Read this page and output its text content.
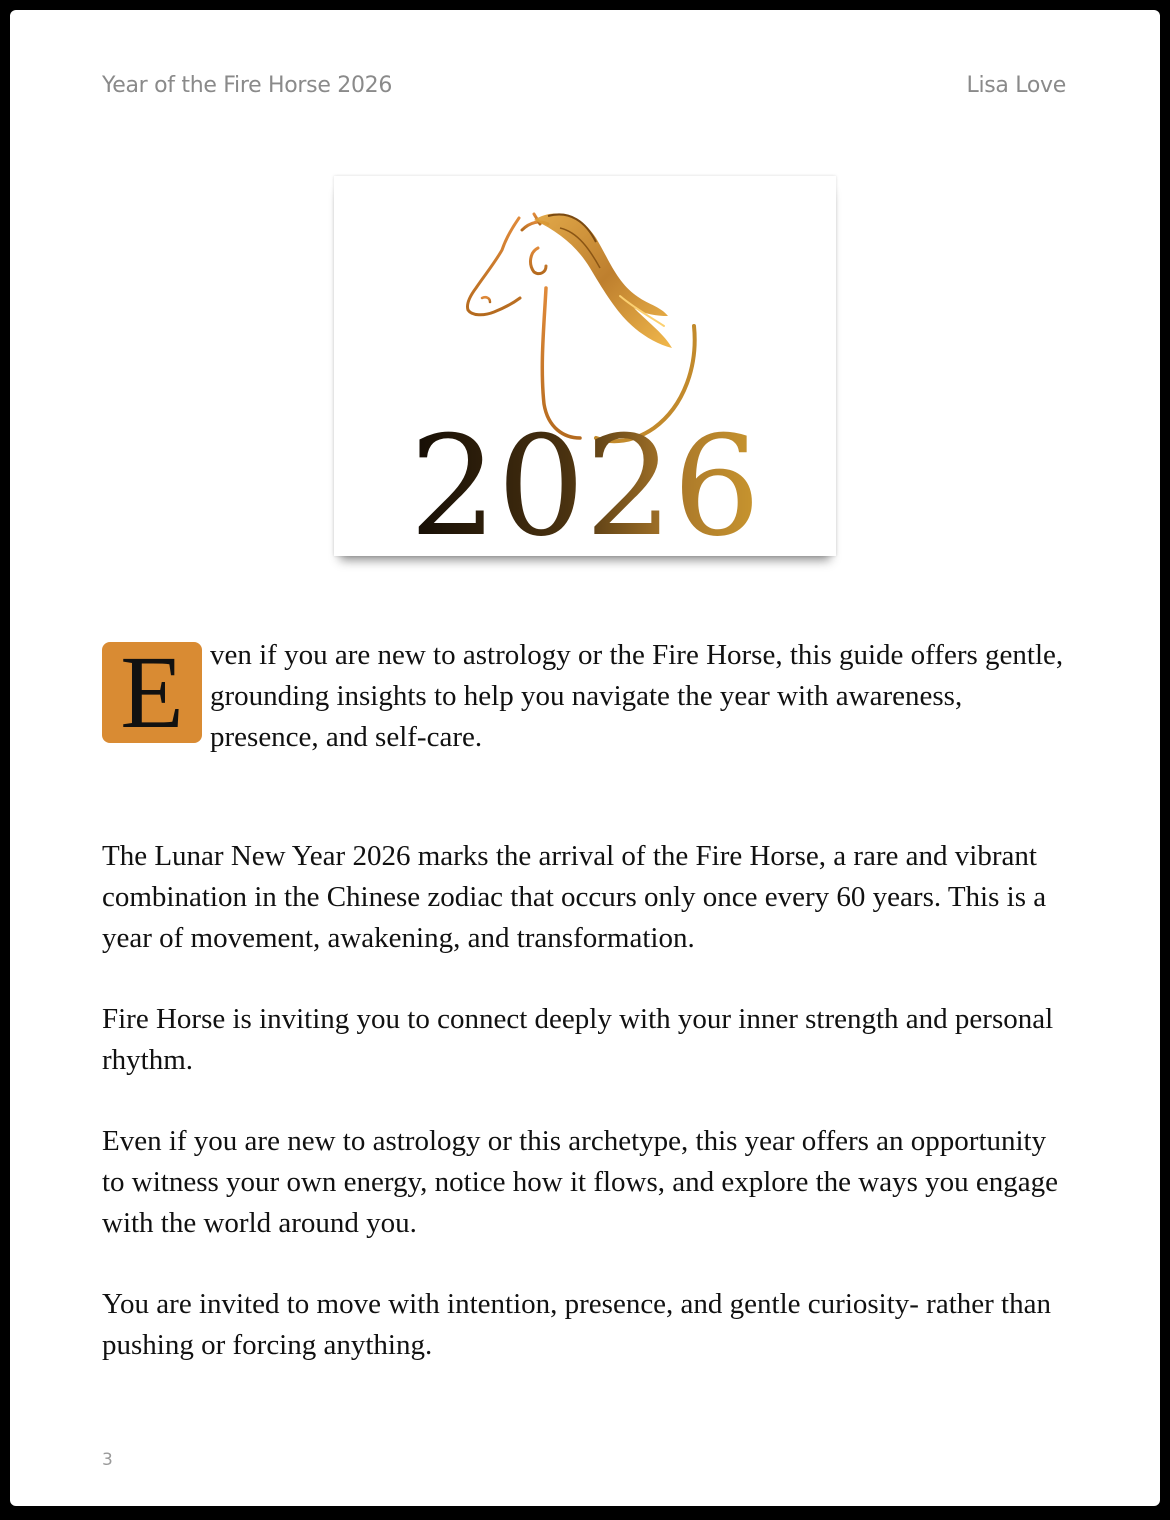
Year of the Fire Horse 2026	Lisa Love
2026
E ven if you are new to astrology or the Fire Horse, this guide offers gentle, grounding insights to help you navigate the year with awareness, presence, and self-care.

The Lunar New Year 2026 marks the arrival of the Fire Horse, a rare and vibrant combination in the Chinese zodiac that occurs only once every 60 years. This is a year of movement, awakening, and transformation.

Fire Horse is inviting you to connect deeply with your inner strength and personal rhythm.

Even if you are new to astrology or this archetype, this year offers an opportunity to witness your own energy, notice how it flows, and explore the ways you engage with the world around you.

You are invited to move with intention, presence, and gentle curiosity- rather than pushing or forcing anything.

3
